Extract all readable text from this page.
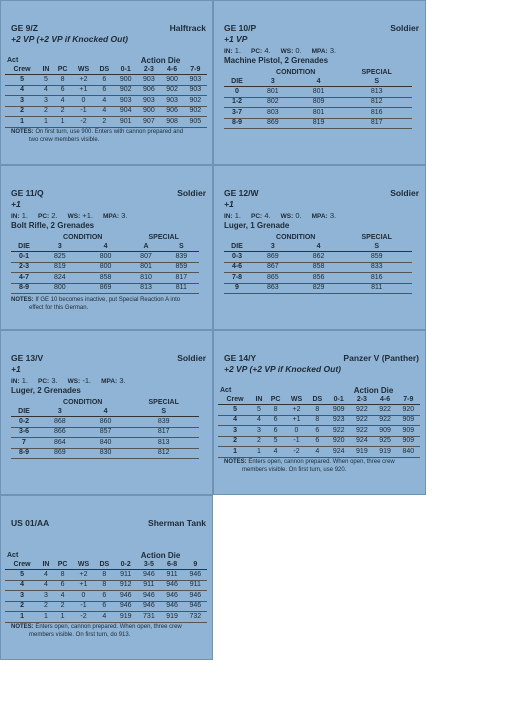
GE 9/Z	Halftrack
+2 VP (+2 VP if Knocked Out)
Act					Action Die			
Crew	IN	PC	WS	DS	0-1	2-3	4-6	7-9
5	5	8	+2	6	900	903	900	903
4	4	6	+1	6	902	906	902	903
3	3	4	0	4	903	903	903	902
2	2	2	-1	4	904	900	906	902
1	1	1	-2	2	901	907	908	905
NOTES: On first turn, use 900. Enters with cannon prepared and
two crew members visible.
GE 10/P	Soldier
+1 VP
IN: 1. PC: 4. WS: 0. MPA: 3.
Machine Pistol, 2 Grenades
	CONDITION		SPECIAL
DIE	3	4	S
0	801	801	813
1-2	802	809	812
3-7	803	801	816
8-9	869	819	817
GE 11/Q	Soldier
+1
IN: 1. PC: 2. WS: +1. MPA: 3.
Bolt Rifle, 2 Grenades
	CONDITION		SPECIAL	
DIE	3	4	A	S
0-1	825	800	807	839
2-3	819	800	801	859
4-7	824	858	810	817
8-9	800	869	813	811
NOTES: If GE 10 becomes inactive, put Special Reaction A into
effect for this German.
GE 12/W	Soldier
+1
IN: 1. PC: 4. WS: 0. MPA: 3.
Luger, 1 Grenade
	CONDITION		SPECIAL
DIE	3	4	S
0-3	869	862	859
4-6	867	858	833
7-8	865	856	816
9	863	829	811
GE 13/V	Soldier
+1
IN: 1. PC: 3. WS: -1. MPA: 3.
Luger, 2 Grenades
	CONDITION		SPECIAL
DIE	3	4	S
0-2	868	860	839
3-6	866	857	817
7	864	840	813
8-9	869	830	812
GE 14/Y	Panzer V (Panther)
+2 VP (+2 VP if Knocked Out)
Act					Action Die			
Crew	IN	PC	WS	DS	0-1	2-3	4-6	7-9
5	5	8	+2	8	909	922	922	920
4	4	6	+1	8	923	922	922	909
3	3	6	0	6	922	922	909	909
2	2	5	-1	6	920	924	925	909
1	1	4	-2	4	924	919	919	840
NOTES: Enters open, cannon prepared. When open, three crew
members visible. On first turn, use 920.
US 01/AA	Sherman Tank
Act					Action Die			
Crew	IN	PC	WS	DS	0-2	3-5	6-8	9
5	4	8	+2	8	911	946	911	946
4	4	6	+1	8	912	911	946	911
3	3	4	0	6	946	946	946	946
2	2	2	-1	6	946	946	946	946
1	1	1	-2	4	919	731	919	732
NOTES: Enters open, cannon prepared. When open, three crew
members visible. On first turn, do 913.
